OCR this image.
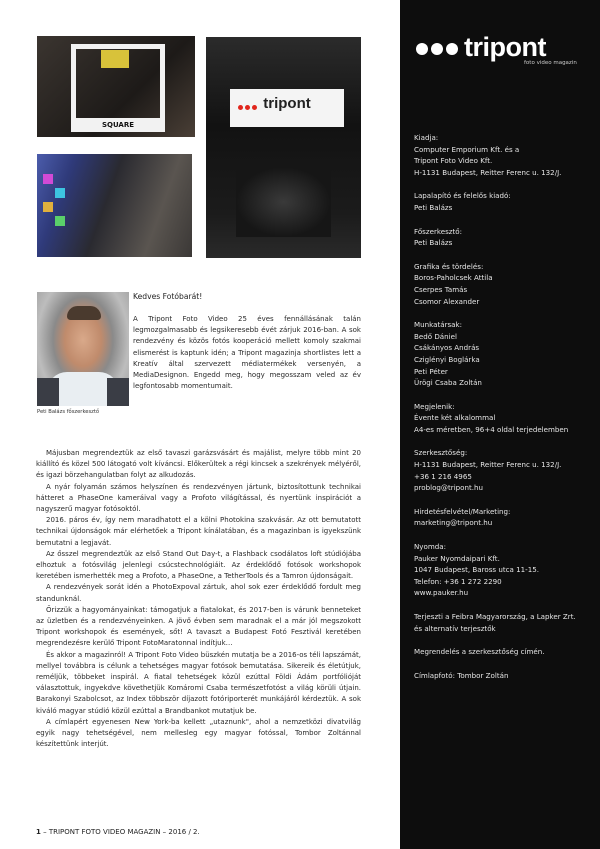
SQUARE
tripont
Peti Balázs főszerkesztő
Kedves Fotóbarát!

A Tripont Foto Video 25 éves fennállásának talán legmozgalmasabb és legsikeresebb évét zárjuk 2016-ban. A sok rendezvény és közös fotós kooperáció mellett komoly szakmai elismerést is kaptunk idén; a Tripont magazinja shortlistes lett a Kreatív által szervezett médiatermékek versenyén, a MediaDesignon. Engedd meg, hogy megosszam veled az év legfontosabb momentumait.

Májusban megrendeztük az első tavaszi garázsvásárt és majálist, melyre több mint 20 kiállító és közel 500 látogató volt kíváncsi. Előkerültek a régi kincsek a szekrények mélyéről, és igazi börzehangulatban folyt az alkudozás.

A nyár folyamán számos helyszínen és rendezvényen jártunk, biztosítottunk technikai hátteret a PhaseOne kameráival vagy a Profoto világítással, és nyertünk inspirációt a nagyszerű magyar fotósoktól.

2016. páros év, így nem maradhatott el a kölni Photokina szakvásár. Az ott bemutatott technikai újdonságok már elérhetőek a Tripont kínálatában, és a magazinban is igyekszünk bemutatni a legjavát.

Az ősszel megrendeztük az első Stand Out Day-t, a Flashback csodálatos loft stúdiójába elhoztuk a fotósvilág jelenlegi csúcstechnológiáit. Az érdeklődő fotósok workshopok keretében ismerhették meg a Profoto, a PhaseOne, a TetherTools és a Tamron újdonságait.

A rendezvények sorát idén a PhotoExpoval zártuk, ahol sok ezer érdeklődő fordult meg standunknál.

Őrizzük a hagyományainkat: támogatjuk a fiatalokat, és 2017-ben is várunk benneteket az üzletben és a rendezvényeinken. A jövő évben sem maradnak el a már jól megszokott Tripont workshopok és események, sőt! A tavaszt a Budapest Fotó Fesztivál keretében megrendezésre kerülő Tripont FotoMaratonnal indítjuk…

És akkor a magazinról! A Tripont Foto Video büszkén mutatja be a 2016-os téli lapszámát, mellyel továbbra is célunk a tehetséges magyar fotósok bemutatása. Sikereik és életútjuk, reméljük, többeket inspirál. A fiatal tehetségek közül ezúttal Földi Ádám portfólióját választottuk, ingyekdve követhetjük Komáromi Csaba természetfotóst a világ körüli útjain. Barakonyi Szabolcsot, az Index többször díjazott fotóriporterét munkájáról kérdeztük. A sok kiváló magyar stúdió közül ezúttal a Brandbankot mutatjuk be.

A címlapért egyenesen New York-ba kellett „utaznunk", ahol a nemzetközi divatvilág egyik nagy tehetségével, nem mellesleg egy magyar fotóssal, Tombor Zoltánnal készítettünk interjút.

1 – TRIPONT FOTO VIDEO MAGAZIN – 2016 / 2.
tripont
foto video magazin
Kiadja:
Computer Emporium Kft. és a
Tripont Foto Video Kft.
H-1131 Budapest, Reitter Ferenc u. 132/J.
Lapalapító és felelős kiadó:
Peti Balázs
Főszerkesztő:
Peti Balázs
Grafika és tördelés:
Boros-Paholcsek Attila
Cserpes Tamás
Csomor Alexander
Munkatársak:
Bedő Dániel
Csákányos András
Cziglényi Boglárka
Peti Péter
Ürögi Csaba Zoltán
Megjelenik:
Évente két alkalommal
A4-es méretben, 96+4 oldal terjedelemben
Szerkesztőség:
H-1131 Budapest, Reitter Ferenc u. 132/J.
+36 1 216 4965
problog@tripont.hu
Hirdetésfelvétel/Marketing:
marketing@tripont.hu
Nyomda:
Pauker Nyomdaipari Kft.
1047 Budapest, Baross utca 11-15.
Telefon: +36 1 272 2290
www.pauker.hu
Terjeszti a Feibra Magyarország, a Lapker Zrt.
és alternatív terjesztők
Megrendelés a szerkesztőség címén.
Címlapfotó: Tombor Zoltán
